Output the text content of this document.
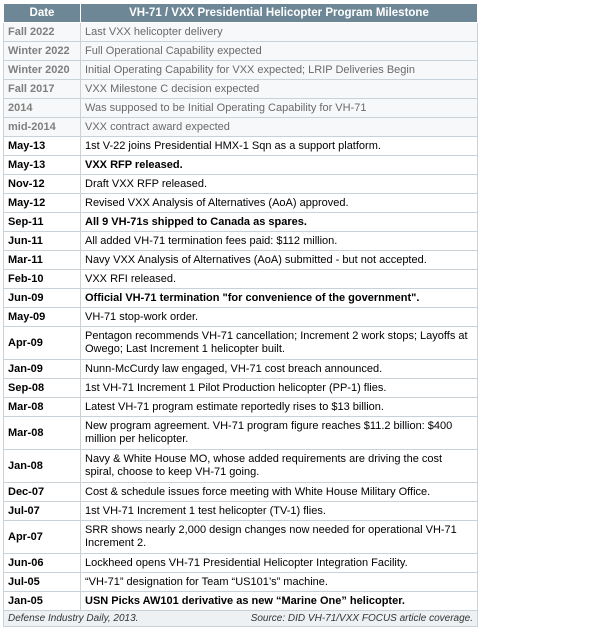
Date	VH-71 / VXX Presidential Helicopter Program Milestone
Fall 2022	Last VXX helicopter delivery
Winter 2022	Full Operational Capability expected
Winter 2020	Initial Operating Capability for VXX expected; LRIP Deliveries Begin
Fall 2017	VXX Milestone C decision expected
2014	Was supposed to be Initial Operating Capability for VH-71
mid-2014	VXX contract award expected
May-13	1st V-22 joins Presidential HMX-1 Sqn as a support platform.
May-13	VXX RFP released.
Nov-12	Draft VXX RFP released.
May-12	Revised VXX Analysis of Alternatives (AoA) approved.
Sep-11	All 9 VH-71s shipped to Canada as spares.
Jun-11	All added VH-71 termination fees paid: $112 million.
Mar-11	Navy VXX Analysis of Alternatives (AoA) submitted - but not accepted.
Feb-10	VXX RFI released.
Jun-09	Official VH-71 termination "for convenience of the government".
May-09	VH-71 stop-work order.
Apr-09	Pentagon recommends VH-71 cancellation; Increment 2 work stops; Layoffs at Owego; Last Increment 1 helicopter built.
Jan-09	Nunn-McCurdy law engaged, VH-71 cost breach announced.
Sep-08	1st VH-71 Increment 1 Pilot Production helicopter (PP-1) flies.
Mar-08	Latest VH-71 program estimate reportedly rises to $13 billion.
Mar-08	New program agreement. VH-71 program figure reaches $11.2 billion: $400 million per helicopter.
Jan-08	Navy & White House MO, whose added requirements are driving the cost spiral, choose to keep VH-71 going.
Dec-07	Cost & schedule issues force meeting with White House Military Office.
Jul-07	1st VH-71 Increment 1 test helicopter (TV-1) flies.
Apr-07	SRR shows nearly 2,000 design changes now needed for operational VH-71 Increment 2.
Jun-06	Lockheed opens VH-71 Presidential Helicopter Integration Facility.
Jul-05	“VH-71” designation for Team “US101’s” machine.
Jan-05	USN Picks AW101 derivative as new “Marine One” helicopter.

Defense Industry Daily, 2013. Source: DID VH-71/VXX FOCUS article coverage.	
